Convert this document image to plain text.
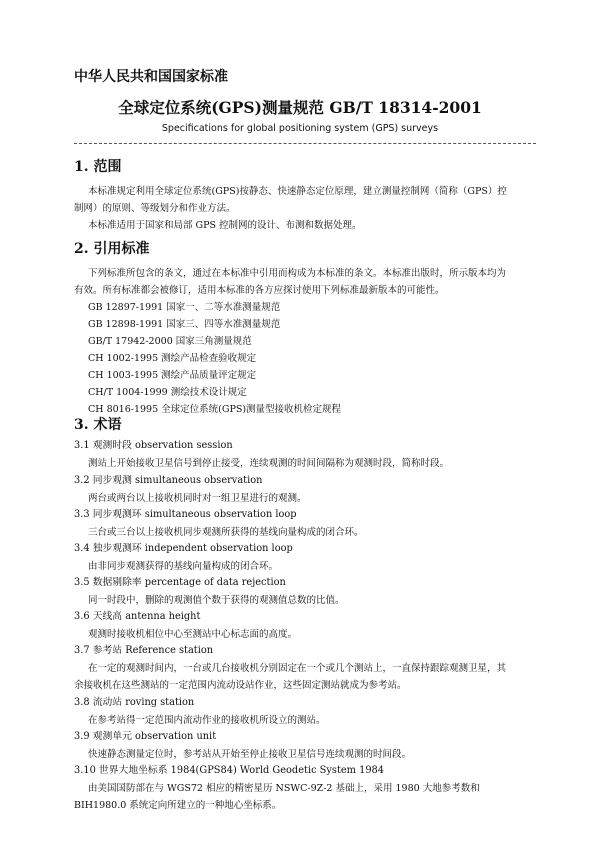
中华人民共和国国家标准
全球定位系统(GPS)测量规范 GB/T 18314-2001
Specifications for global positioning system (GPS) surveys
1. 范围
本标准规定利用全球定位系统(GPS)按静态、快速静态定位原理，建立测量控制网（简称（GPS）控
制网）的原则、等级划分和作业方法。
本标准适用于国家和局部 GPS 控制网的设计、布测和数据处理。
2. 引用标准
下列标准所包含的条文，通过在本标准中引用而构成为本标准的条文。本标准出版时，所示版本均为
有效。所有标准都会被修订，适用本标准的各方应探讨使用下列标准最新版本的可能性。
GB 12897-1991 国家一、二等水准测量规范
GB 12898-1991 国家三、四等水准测量规范
GB/T 17942-2000 国家三角测量规范
CH 1002-1995 测绘产品检查验收规定
CH 1003-1995 测绘产品质量评定规定
CH/T 1004-1999 测绘技术设计规定
CH 8016-1995 全球定位系统(GPS)测量型接收机检定规程
3. 术语
3.1 观测时段 observation session
测站上开始接收卫星信号到停止接受，连续观测的时间间隔称为观测时段，简称时段。
3.2 同步观测 simultaneous observation
两台或两台以上接收机同时对一组卫星进行的观测。
3.3 同步观测环 simultaneous observation loop
三台或三台以上接收机同步观测所获得的基线向量构成的闭合环。
3.4 独步观测环 independent observation loop
由非同步观测获得的基线向量构成的闭合环。
3.5 数据剔除率 percentage of data rejection
同一时段中，删除的观测值个数于获得的观测值总数的比值。
3.6 天线高 antenna height
观测时接收机相位中心至测站中心标志面的高度。
3.7 参考站 Reference station
在一定的观测时间内，一台或几台接收机分别固定在一个或几个测站上，一直保持跟踪观测卫星，其
余接收机在这些测站的一定范围内流动设站作业，这些固定测站就成为参考站。
3.8 流动站 roving station
在参考站得一定范围内流动作业的接收机所设立的测站。
3.9 观测单元 observation unit
快速静态测量定位时，参考站从开始至停止接收卫星信号连续观测的时间段。
3.10 世界大地坐标系 1984(GPS84) World Geodetic System 1984
由美国国防部在与 WGS72 相应的精密星历 NSWC-9Z-2 基础上，采用 1980 大地参考数和
BIH1980.0 系统定向所建立的一种地心坐标系。
